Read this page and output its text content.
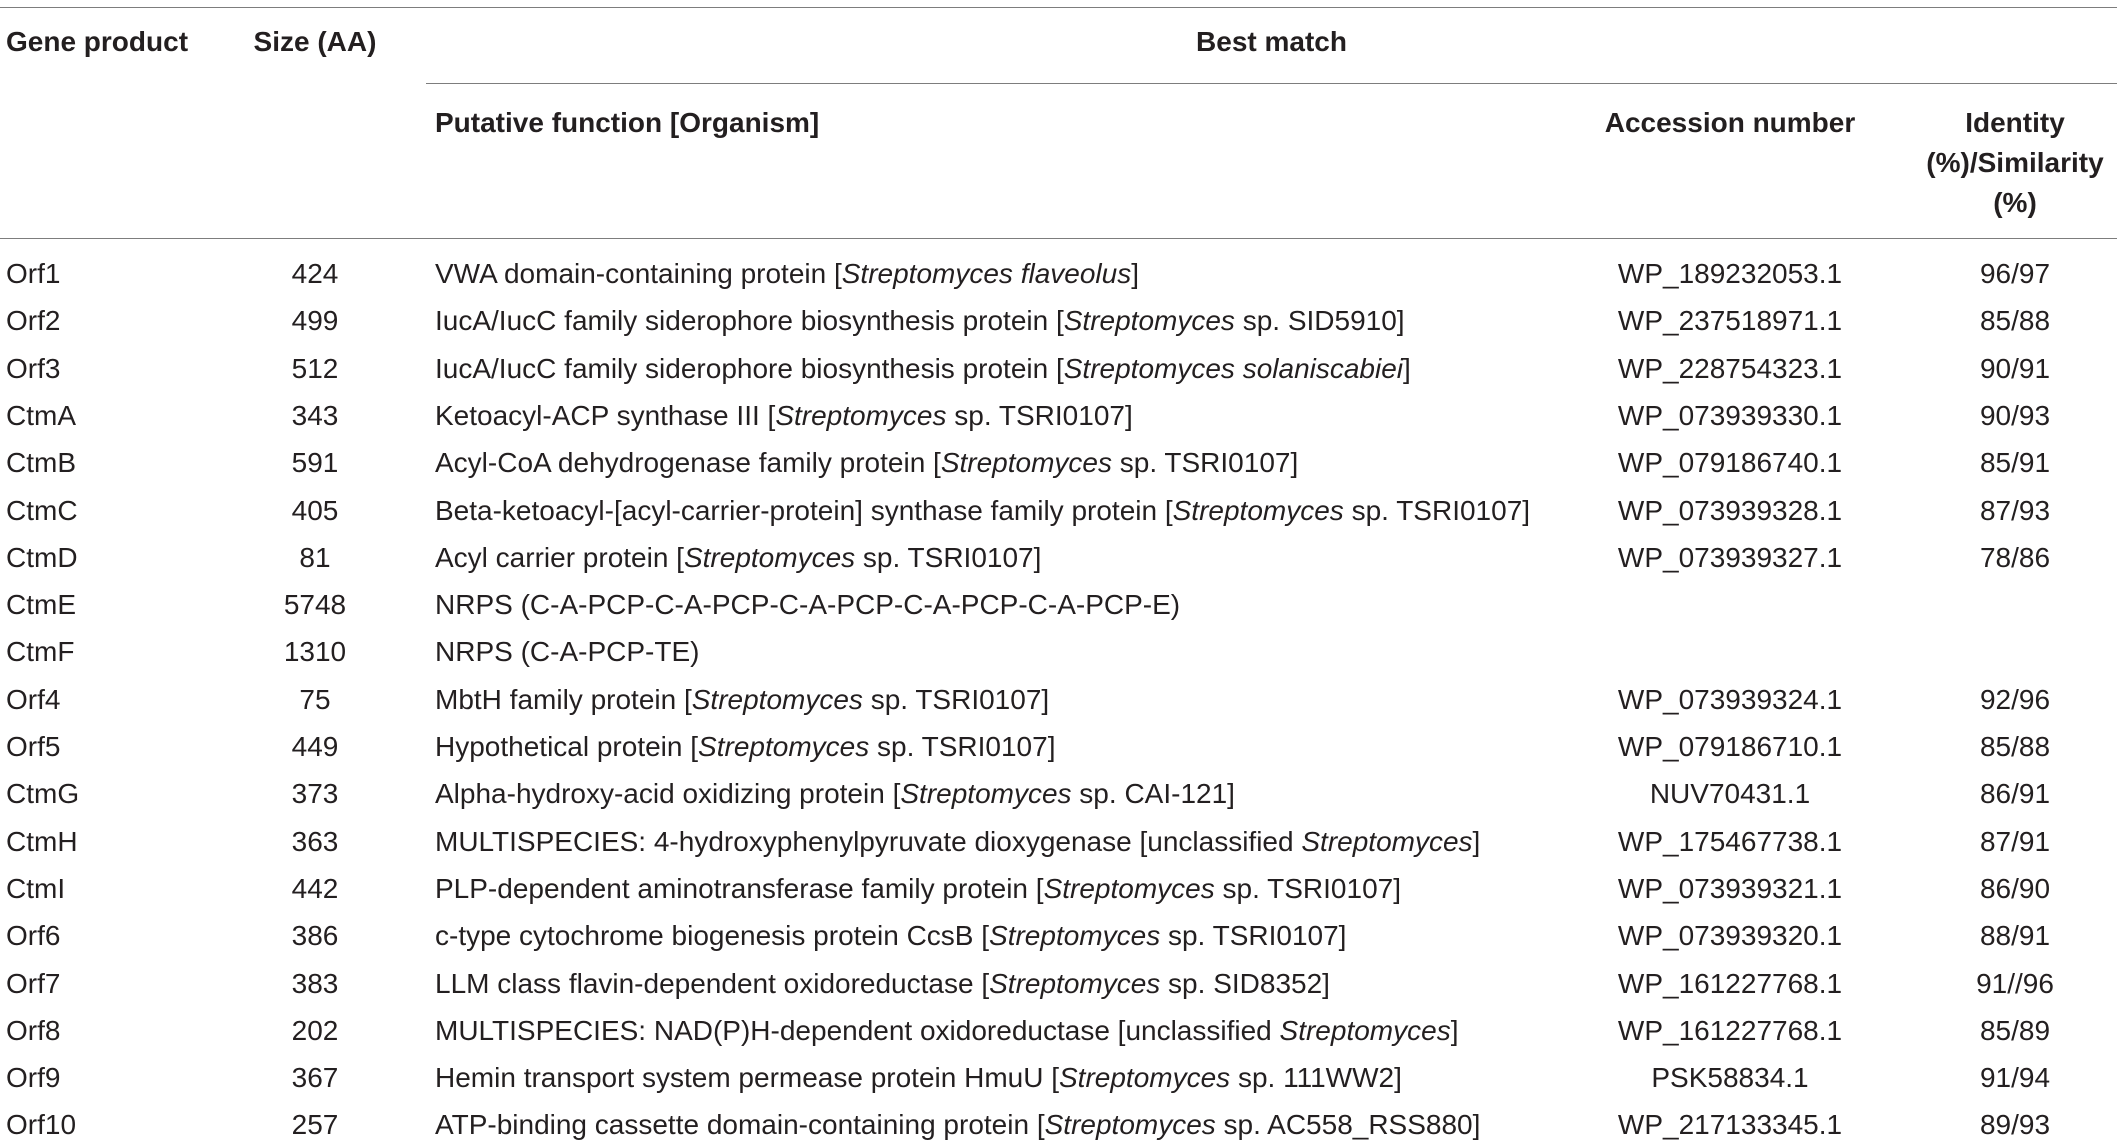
Gene product	Size (AA)	Best match
Putative function [Organism]	Accession number	Identity
(%)/Similarity
(%)
Orf1	424	VWA domain-containing protein [Streptomyces flaveolus]	WP_189232053.1	96/97
Orf2	499	IucA/IucC family siderophore biosynthesis protein [Streptomyces sp. SID5910]	WP_237518971.1	85/88
Orf3	512	IucA/IucC family siderophore biosynthesis protein [Streptomyces solaniscabiei]	WP_228754323.1	90/91
CtmA	343	Ketoacyl-ACP synthase III [Streptomyces sp. TSRI0107]	WP_073939330.1	90/93
CtmB	591	Acyl-CoA dehydrogenase family protein [Streptomyces sp. TSRI0107]	WP_079186740.1	85/91
CtmC	405	Beta-ketoacyl-[acyl-carrier-protein] synthase family protein [Streptomyces sp. TSRI0107]	WP_073939328.1	87/93
CtmD	81	Acyl carrier protein [Streptomyces sp. TSRI0107]	WP_073939327.1	78/86
CtmE	5748	NRPS (C-A-PCP-C-A-PCP-C-A-PCP-C-A-PCP-C-A-PCP-E)
CtmF	1310	NRPS (C-A-PCP-TE)
Orf4	75	MbtH family protein [Streptomyces sp. TSRI0107]	WP_073939324.1	92/96
Orf5	449	Hypothetical protein [Streptomyces sp. TSRI0107]	WP_079186710.1	85/88
CtmG	373	Alpha-hydroxy-acid oxidizing protein [Streptomyces sp. CAI-121]	NUV70431.1	86/91
CtmH	363	MULTISPECIES: 4-hydroxyphenylpyruvate dioxygenase [unclassified Streptomyces]	WP_175467738.1	87/91
CtmI	442	PLP-dependent aminotransferase family protein [Streptomyces sp. TSRI0107]	WP_073939321.1	86/90
Orf6	386	c-type cytochrome biogenesis protein CcsB [Streptomyces sp. TSRI0107]	WP_073939320.1	88/91
Orf7	383	LLM class flavin-dependent oxidoreductase [Streptomyces sp. SID8352]	WP_161227768.1	91//96
Orf8	202	MULTISPECIES: NAD(P)H-dependent oxidoreductase [unclassified Streptomyces]	WP_161227768.1	85/89
Orf9	367	Hemin transport system permease protein HmuU [Streptomyces sp. 111WW2]	PSK58834.1	91/94
Orf10	257	ATP-binding cassette domain-containing protein [Streptomyces sp. AC558_RSS880]	WP_217133345.1	89/93
